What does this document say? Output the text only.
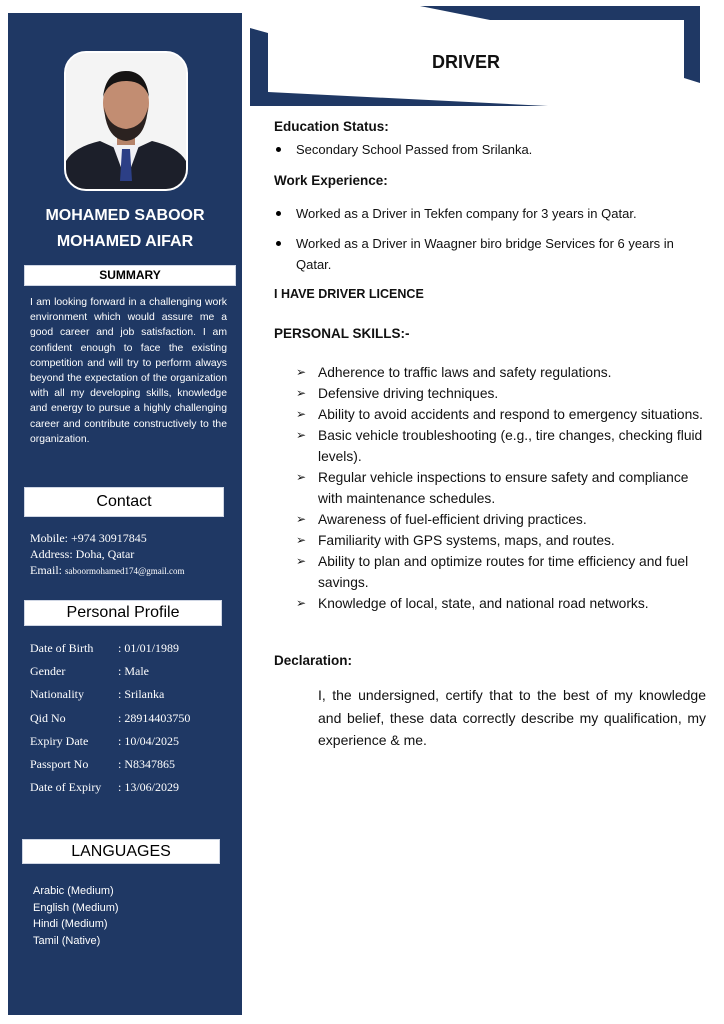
DRIVER
MOHAMED SABOOR
MOHAMED AIFAR
SUMMARY
I am looking forward in a challenging work environment which would assure me a good career and job satisfaction. I am confident enough to face the existing competition and will try to perform always beyond the expectation of the organization with all my developing skills, knowledge and energy to pursue a highly challenging career and contribute constructively to the organization.
Contact
Mobile: +974 30917845
Address: Doha, Qatar
Email: saboormohamed174@gmail.com
Personal Profile
Date of Birth	: 01/01/1989
Gender	: Male
Nationality	: Srilanka
Qid No	: 28914403750
Expiry Date	: 10/04/2025
Passport No	: N8347865
Date of Expiry	: 13/06/2029
LANGUAGES
Arabic (Medium)
English (Medium)
Hindi (Medium)
Tamil (Native)
Education Status:
Secondary School Passed from Srilanka.
Work Experience:
Worked as a Driver in Tekfen company for 3 years in Qatar.
Worked as a Driver in Waagner biro bridge Services for 6 years in Qatar.
I HAVE DRIVER LICENCE
PERSONAL SKILLS:-
➢ Adherence to traffic laws and safety regulations.
➢ Defensive driving techniques.
➢ Ability to avoid accidents and respond to emergency situations.
➢ Basic vehicle troubleshooting (e.g., tire changes, checking fluid levels).
➢ Regular vehicle inspections to ensure safety and compliance with maintenance schedules.
➢ Awareness of fuel-efficient driving practices.
➢ Familiarity with GPS systems, maps, and routes.
➢ Ability to plan and optimize routes for time efficiency and fuel savings.
➢ Knowledge of local, state, and national road networks.
Declaration:
I, the undersigned, certify that to the best of my knowledge and belief, these data correctly describe my qualification, my experience & me.
